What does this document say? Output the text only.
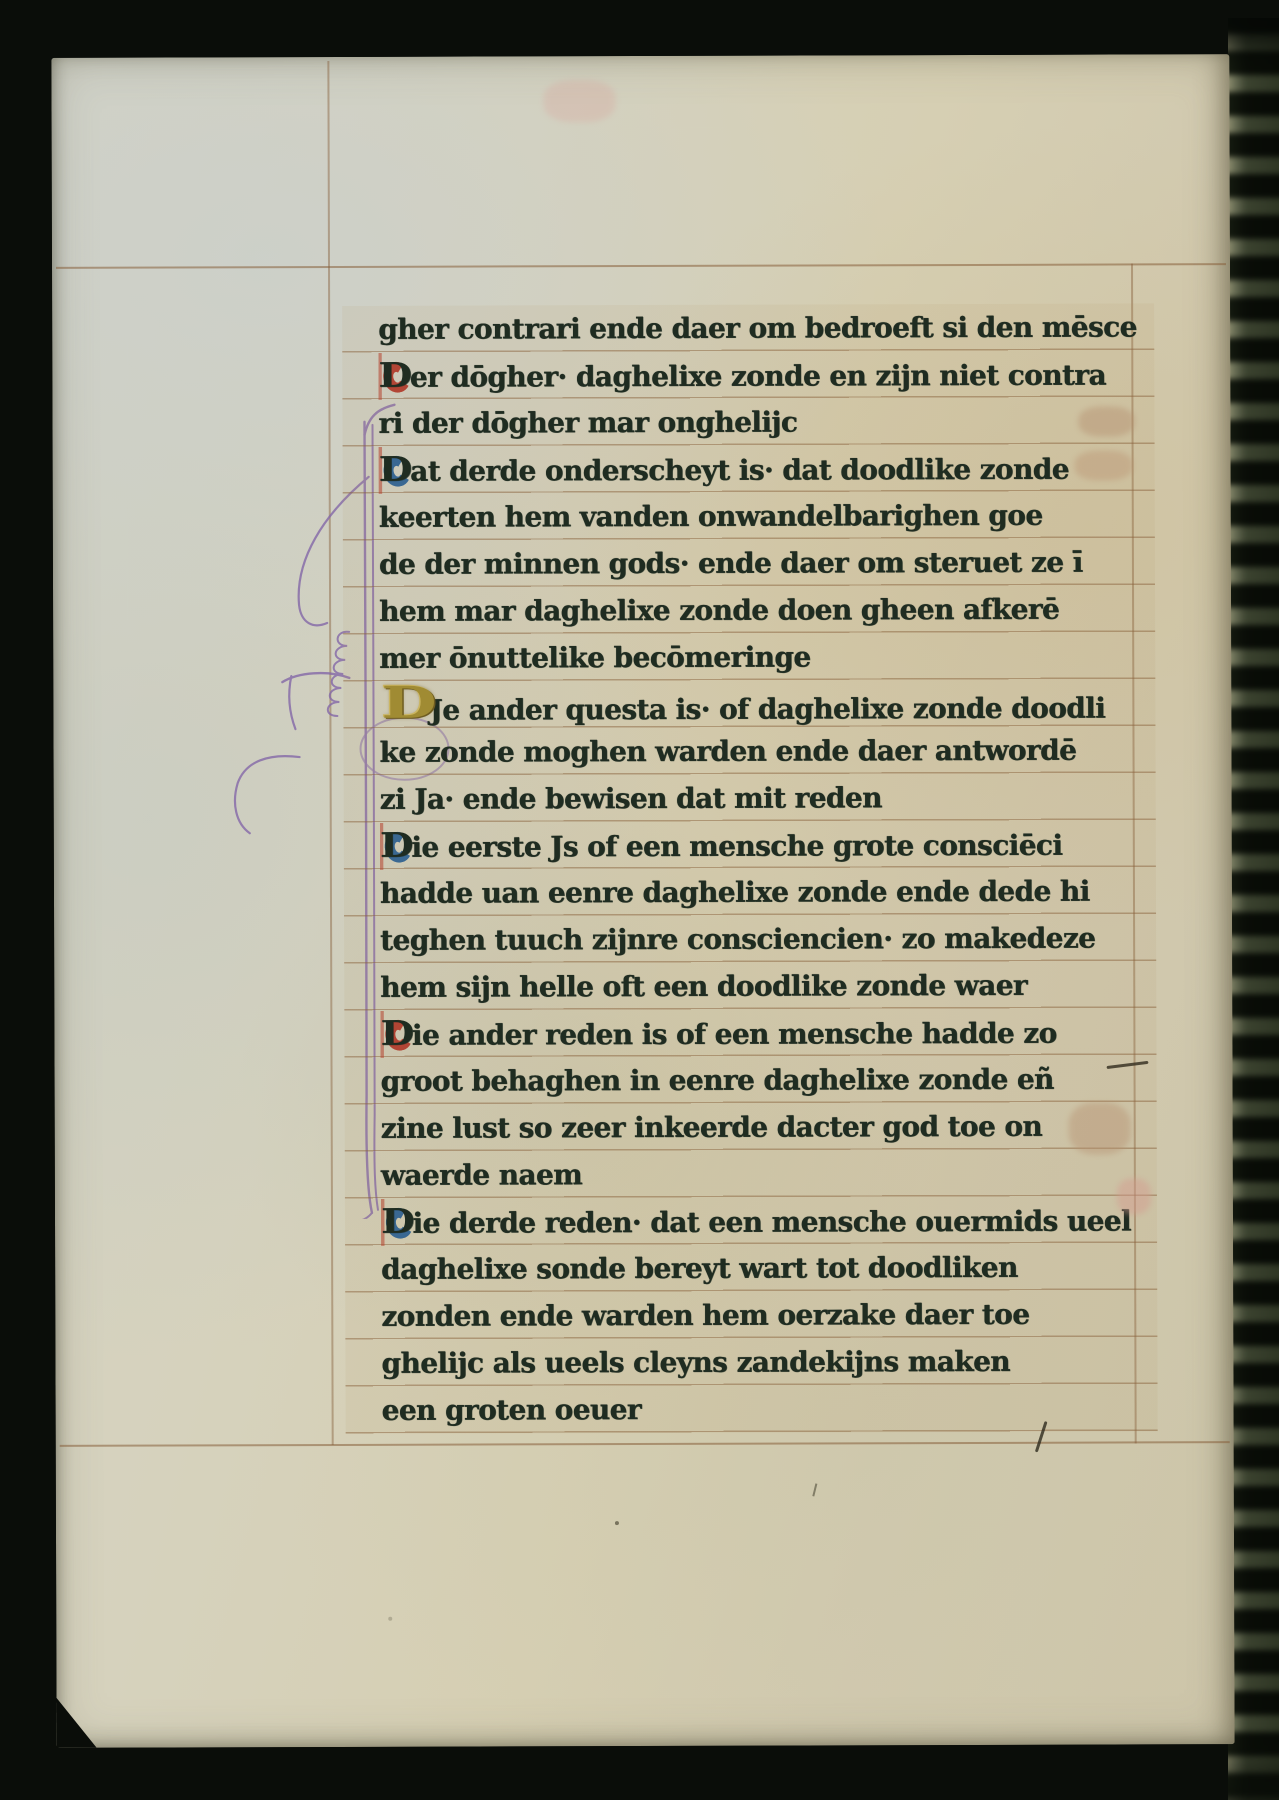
gher contrari ende daer om bedroeft si den mēsce
Der dōgher· daghelixe zonde en zijn niet contra
ri der dōgher mar onghelijc
Dat derde onderscheyt is· dat doodlike zonde
keerten hem vanden onwandelbarighen goe
de der minnen gods· ende daer om steruet ze ī
hem mar daghelixe zonde doen gheen afkerē
mer ōnuttelike becōmeringe
DJe ander questa is· of daghelixe zonde doodli
ke zonde moghen warden ende daer antwordē
zi Ja· ende bewisen dat mit reden
Die eerste Js of een mensche grote consciēci
hadde uan eenre daghelixe zonde ende dede hi
teghen tuuch zijnre consciencien· zo makedeze
hem sijn helle oft een doodlike zonde waer
Die ander reden is of een mensche hadde zo
groot behaghen in eenre daghelixe zonde eñ
zine lust so zeer inkeerde dacter god toe on
waerde naem
Die derde reden· dat een mensche ouermids ueel
daghelixe sonde bereyt wart tot doodliken
zonden ende warden hem oerzake daer toe
ghelijc als ueels cleyns zandekijns maken
een groten oeuer
